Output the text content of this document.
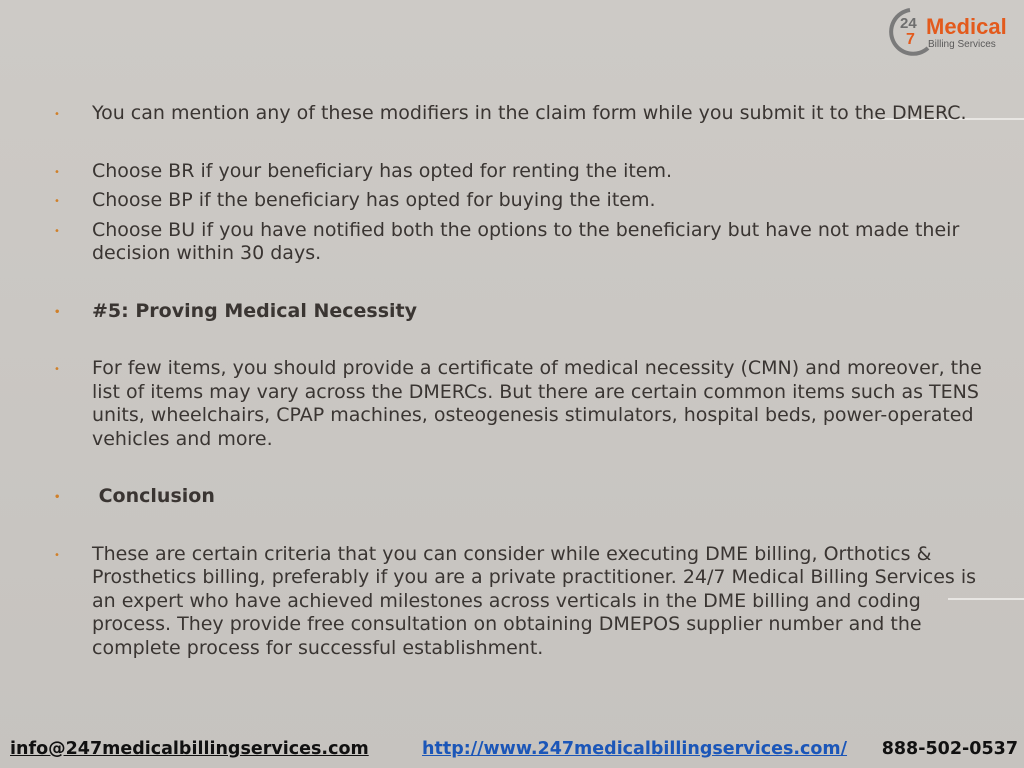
24
7
Medical
Billing Services
• You can mention any of these modifiers in the claim form while you submit it to the DMERC.
• Choose BR if your beneficiary has opted for renting the item.
• Choose BP if the beneficiary has opted for buying the item.
• Choose BU if you have notified both the options to the beneficiary but have not made their decision within 30 days.
• #5: Proving Medical Necessity
• For few items, you should provide a certificate of medical necessity (CMN) and moreover, the list of items may vary across the DMERCs. But there are certain common items such as TENS units, wheelchairs, CPAP machines, osteogenesis stimulators, hospital beds, power-operated vehicles and more.
• Conclusion
• These are certain criteria that you can consider while executing DME billing, Orthotics & Prosthetics billing, preferably if you are a private practitioner. 24/7 Medical Billing Services is an expert who have achieved milestones across verticals in the DME billing and coding process. They provide free consultation on obtaining DMEPOS supplier number and the complete process for successful establishment.
info@247medicalbillingservices.com	http://www.247medicalbillingservices.com/ 888-502-0537
